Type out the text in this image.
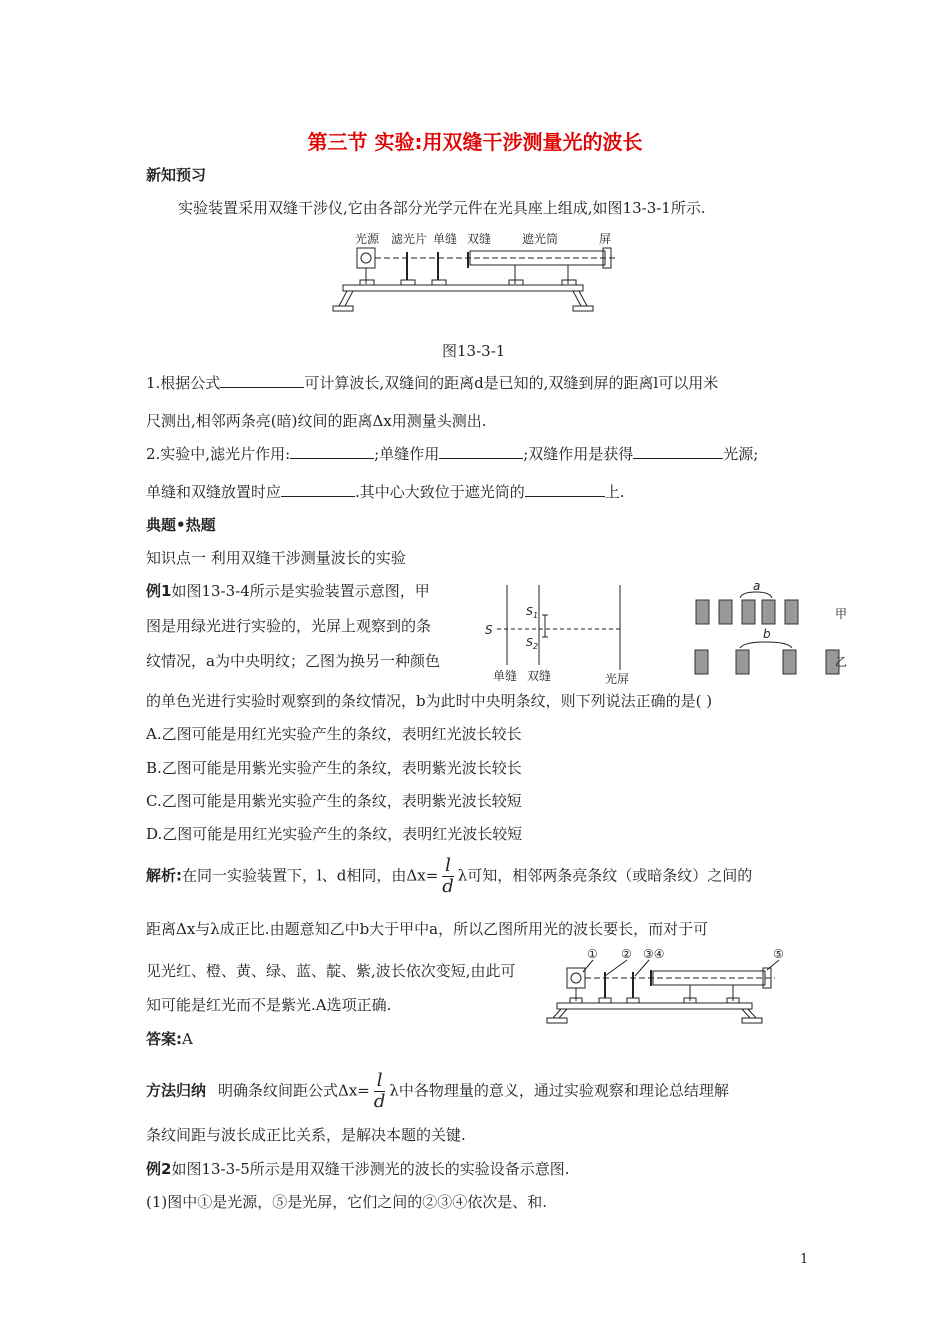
第三节 实验:用双缝干涉测量光的波长
新知预习
实验装置采用双缝干涉仪,它由各部分光学元件在光具座上组成,如图13-3-1所示.
光源 滤光片 单缝 双缝	遮光筒	屏
图13-3-1
1.根据公式	可计算波长,双缝间的距离d是已知的,双缝到屏的距离l可以用米
尺测出,相邻两条亮(暗)纹间的距离Δx用测量头测出.
2.实验中,滤光片作用:	;单缝作用	;双缝作用是获得	光源;
单缝和双缝放置时应	.其中心大致位于遮光筒的	上.
典题•热题
知识点一 利用双缝干涉测量波长的实验
例1如图13-3-4所示是实验装置示意图，甲
图是用绿光进行实验的，光屏上观察到的条
纹情况，a为中央明纹；乙图为换另一种颜色
的单色光进行实验时观察到的条纹情况，b为此时中央明条纹，则下列说法正确的是( )
S
$S_1$
$S_2$
单缝 双缝	光屏
a
甲
b
乙
A.乙图可能是用红光实验产生的条纹，表明红光波长较长
B.乙图可能是用紫光实验产生的条纹，表明紫光波长较长
C.乙图可能是用紫光实验产生的条纹，表明紫光波长较短
D.乙图可能是用红光实验产生的条纹，表明红光波长较短
解析:在同一实验装置下，l、d相同，由$\Delta x= \frac{l}{d}$ λ可知，相邻两条亮条纹（或暗条纹）之间的
距离Δx与λ成正比.由题意知乙中b大于甲中a，所以乙图所用光的波长要长，而对于可
见光红、橙、黄、绿、蓝、靛、紫,波长依次变短,由此可
知可能是红光而不是紫光.A选项正确.
① ② ③④	⑤
答案:A
方法归纳 明确条纹间距公式$\Delta x= \frac{l}{d}$ λ中各物理量的意义，通过实验观察和理论总结理解
条纹间距与波长成正比关系，是解决本题的关键.
例2如图13-3-5所示是用双缝干涉测光的波长的实验设备示意图.
(1)图中①是光源，⑤是光屏，它们之间的②③④依次是、和.
1
